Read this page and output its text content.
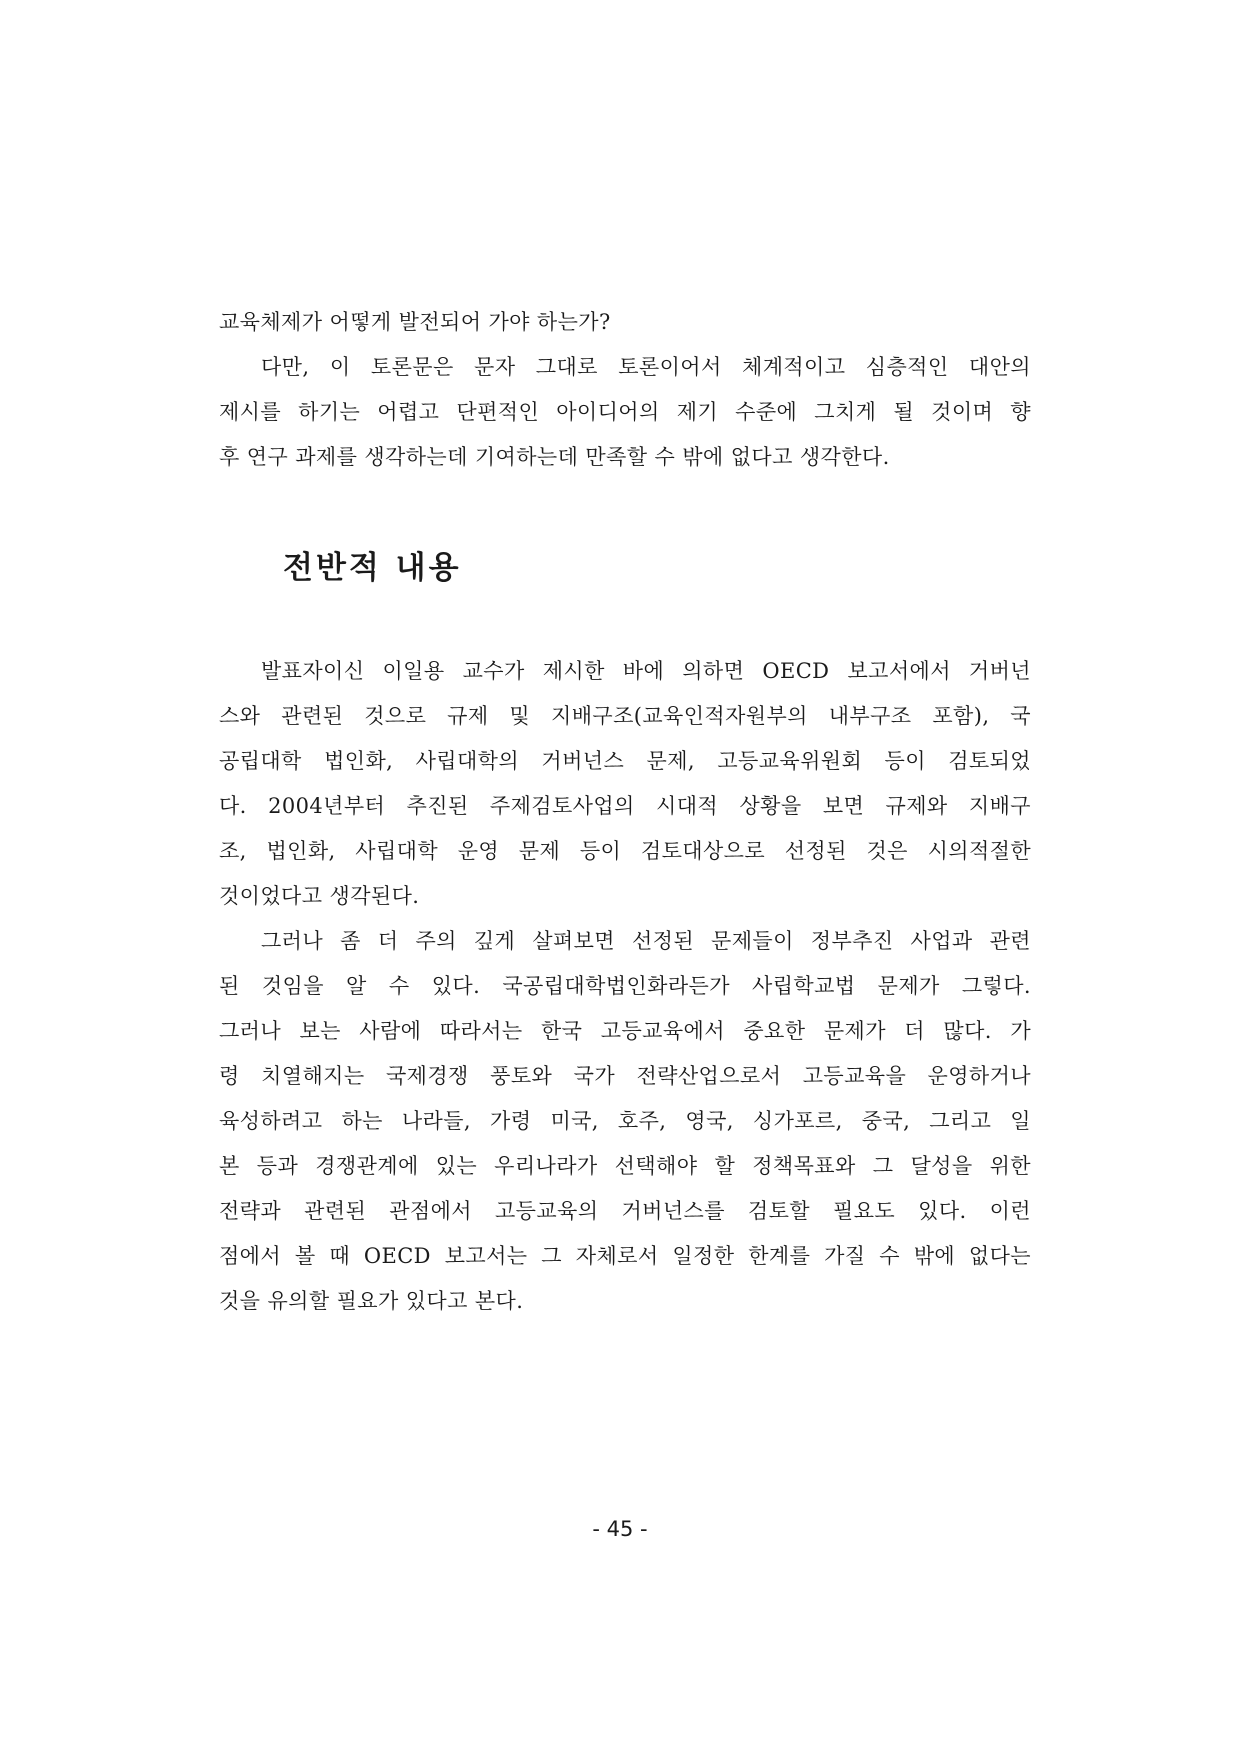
교육체제가 어떻게 발전되어 가야 하는가?
다만, 이 토론문은 문자 그대로 토론이어서 체계적이고 심층적인 대안의
제시를 하기는 어렵고 단편적인 아이디어의 제기 수준에 그치게 될 것이며 향
후 연구 과제를 생각하는데 기여하는데 만족할 수 밖에 없다고 생각한다.
전반적 내용
발표자이신 이일용 교수가 제시한 바에 의하면 OECD 보고서에서 거버넌
스와 관련된 것으로 규제 및 지배구조(교육인적자원부의 내부구조 포함), 국
공립대학 법인화, 사립대학의 거버넌스 문제, 고등교육위원회 등이 검토되었
다. 2004년부터 추진된 주제검토사업의 시대적 상황을 보면 규제와 지배구
조, 법인화, 사립대학 운영 문제 등이 검토대상으로 선정된 것은 시의적절한
것이었다고 생각된다.
그러나 좀 더 주의 깊게 살펴보면 선정된 문제들이 정부추진 사업과 관련
된 것임을 알 수 있다. 국공립대학법인화라든가 사립학교법 문제가 그렇다.
그러나 보는 사람에 따라서는 한국 고등교육에서 중요한 문제가 더 많다. 가
령 치열해지는 국제경쟁 풍토와 국가 전략산업으로서 고등교육을 운영하거나
육성하려고 하는 나라들, 가령 미국, 호주, 영국, 싱가포르, 중국, 그리고 일
본 등과 경쟁관계에 있는 우리나라가 선택해야 할 정책목표와 그 달성을 위한
전략과 관련된 관점에서 고등교육의 거버넌스를 검토할 필요도 있다. 이런
점에서 볼 때 OECD 보고서는 그 자체로서 일정한 한계를 가질 수 밖에 없다는
것을 유의할 필요가 있다고 본다.
- 45 -
